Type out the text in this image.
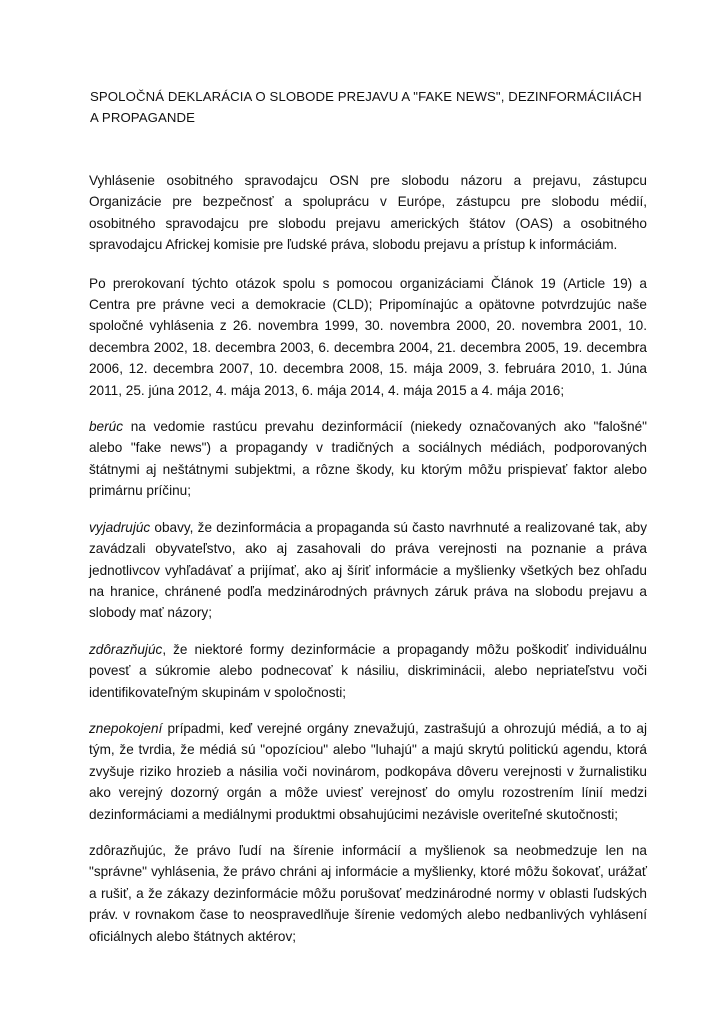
SPOLOČNÁ DEKLARÁCIA O SLOBODE PREJAVU A "FAKE NEWS", DEZINFORMÁCIIÁCH A PROPAGANDE

Vyhlásenie osobitného spravodajcu OSN pre slobodu názoru a prejavu, zástupcu Organizácie pre bezpečnosť a spoluprácu v Európe, zástupcu pre slobodu médií, osobitného spravodajcu pre slobodu prejavu amerických štátov (OAS) a osobitného spravodajcu Africkej komisie pre ľudské práva, slobodu prejavu a prístup k informáciám.

Po prerokovaní týchto otázok spolu s pomocou organizáciami Článok 19 (Article 19) a Centra pre právne veci a demokracie (CLD); Pripomínajúc a opätovne potvrdzujúc naše spoločné vyhlásenia z 26. novembra 1999, 30. novembra 2000, 20. novembra 2001, 10. decembra 2002, 18. decembra 2003, 6. decembra 2004, 21. decembra 2005, 19. decembra 2006, 12. decembra 2007, 10. decembra 2008, 15. mája 2009, 3. februára 2010, 1. Júna 2011, 25. júna 2012, 4. mája 2013, 6. mája 2014, 4. mája 2015 a 4. mája 2016;

berúc na vedomie rastúcu prevahu dezinformácií (niekedy označovaných ako "falošné" alebo "fake news") a propagandy v tradičných a sociálnych médiách, podporovaných štátnymi aj neštátnymi subjektmi, a rôzne škody, ku ktorým môžu prispievať faktor alebo primárnu príčinu;

vyjadrujúc obavy, že dezinformácia a propaganda sú často navrhnuté a realizované tak, aby zavádzali obyvateľstvo, ako aj zasahovali do práva verejnosti na poznanie a práva jednotlivcov vyhľadávať a prijímať, ako aj šíriť informácie a myšlienky všetkých bez ohľadu na hranice, chránené podľa medzinárodných právnych záruk práva na slobodu prejavu a slobody mať názory;

zdôrazňujúc, že niektoré formy dezinformácie a propagandy môžu poškodiť individuálnu povesť a súkromie alebo podnecovať k násiliu, diskriminácii, alebo nepriateľstvu voči identifikovateľným skupinám v spoločnosti;

znepokojení prípadmi, keď verejné orgány znevažujú, zastrašujú a ohrozujú médiá, a to aj tým, že tvrdia, že médiá sú "opozíciou" alebo "luhajú" a majú skrytú politickú agendu, ktorá zvyšuje riziko hrozieb a násilia voči novinárom, podkopáva dôveru verejnosti v žurnalistiku ako verejný dozorný orgán a môže uviesť verejnosť do omylu rozostrením línií medzi dezinformáciami a mediálnymi produktmi obsahujúcimi nezávisle overiteľné skutočnosti;

zdôrazňujúc, že právo ľudí na šírenie informácií a myšlienok sa neobmedzuje len na "správne" vyhlásenia, že právo chráni aj informácie a myšlienky, ktoré môžu šokovať, urážať a rušiť, a že zákazy dezinformácie môžu porušovať medzinárodné normy v oblasti ľudských práv. v rovnakom čase to neospravedlňuje šírenie vedomých alebo nedbanlivých vyhlásení oficiálnych alebo štátnych aktérov;
